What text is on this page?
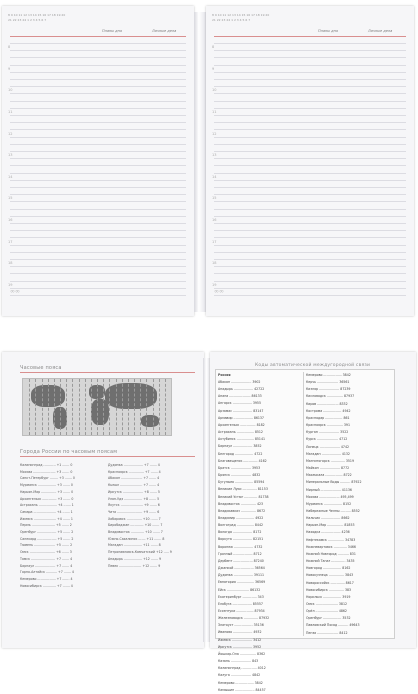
8 9 10 11 12 13 14 15 16 17 18 19 20
21 22 23 24 1 2 3 4 5 6 7
Планы дня	Личные дела
8
9
10
11
12
13
14
15
16
17
18
19
∞∞
8 9 10 11 12 13 14 15 16 17 18 19 20
21 22 23 24 1 2 3 4 5 6 7
Планы дня	Личные дела
8
9
10
11
12
13
14
15
16
17
18
19
∞∞
Часовые пояса
Города России по часовым поясам
Калининград ............ +1 ....... 0
Москва ...................... +3 ....... 0
Санкт-Петербург ........ +3 ....... 0
Мурманск .................. +3 ....... 0
Нарьян-Мар ............... +3 ....... 0
Архангельск .............. +3 ....... 0
Астрахань .................. +4 ....... 1
Самара ...................... +4 ....... 1
Ижевск ...................... +4 ....... 1
Пермь ....................... +5 ....... 2
Оренбург ................... +5 ....... 2
Салехард ................... +5 ....... 2
Тюмень ..................... +5 ....... 2
Омск ......................... +6 ....... 3
Томск ........................ +7 ....... 4
Барнаул .................... +7 ....... 4
Горно-Алтайск ........... +7 ....... 4
Кемерово .................. +7 ....... 4
Новосибирск ............. +7 ....... 4
Дудинка ................... +7 ....... 4
Красноярск ............... +7 ....... 4
Абакан ..................... +7 ....... 4
Кызыл ...................... +7 ....... 4
Иркутск .................... +8 ....... 5
Улан-Удэ .................. +8 ....... 5
Якутск ...................... +9 ....... 6
Чита ......................... +9 ....... 6
Хабаровск ............... +10 ....... 7
Биробиджан ............. +10 ....... 7
Владивосток ............. +10 ....... 7
Южно-Сахалинск ....... +11 ....... 8
Магадан .................. +11 ....... 8
Петропавловск-Камчатский +12 ..... 9
Анадырь .................. +12 ....... 9
Певек ...................... +12 ....... 9
Коды автоматической междугородной связи
Россия
Абакан .................... 3902
Анадырь ................... 42722
Анапа ..................... 86133
Ангарск ................... 3955
Арзамас ................... 83147
Армавир ................... 86137
Архангельск ............... 8182
Астрахань ................. 8512
Ахтубинск ................. 85141
Барнаул ................... 3852
Белгород .................. 4722
Благовещенск .............. 4162
Братск .................... 3953
Брянск .................... 4832
Бугульма .................. 85594
Великие Луки .............. 81153
Великий Устюг ............. 81738
Владивосток ............... 423
Владикавказ ............... 8672
Владимир .................. 4922
Волгоград ................. 8442
Вологда ................... 8172
Воркута ................... 82151
Воронеж ................... 4732
Грозный ................... 8712
Дербент ................... 87240
Джанкой ................... 36564
Дудинка ................... 39111
Евпатория ................. 36569
Ейск ...................... 86132
Екатеринбург .............. 343
Елабуга ................... 85557
Ессентуки ................. 87934
Железноводск .............. 87932
Златоуст .................. 35136
Иваново ................... 4932
Ижевск .................... 3412
Иркутск ................... 3952
Йошкар-Ола ................ 8362
Казань .................... 843
Калининград ............... 4012
Калуга .................... 4842
Кемерово .................. 3842
Камышин ................... 84457
Кемерово .................. 3842
Керчь ..................... 36561
Кизляр .................... 87239
Кисловодск ................ 87937
Киров ..................... 8332
Кострома .................. 4942
Краснодар ................. 861
Красноярск ................ 391
Курган .................... 3522
Курск ..................... 4712
Липецк .................... 4742
Магадан ................... 4132
Магнитогорск .............. 3519
Майкоп .................... 8772
Махачкала ................. 8722
Минеральные Воды .......... 87922
Мирный .................... 41136
Москва .................... 495,499
Мурманск .................. 8152
Набережные Челны .......... 8552
Нальчик ................... 8662
Нарьян-Мар ................ 81853
Находка ................... 4236
Нефтекамск ................ 34783
Нижневартовск ............. 3466
Нижний Новгород ........... 831
Нижний Тагил .............. 3435
Новгород .................. 8162
Новокузнецк ............... 3843
Новороссийск .............. 8617
Новосибирск ............... 383
Норильск .................. 3919
Омск ...................... 3812
Орёл ...................... 4862
Оренбург .................. 3532
Павловский Посад .......... 49643
Пенза ..................... 8412
